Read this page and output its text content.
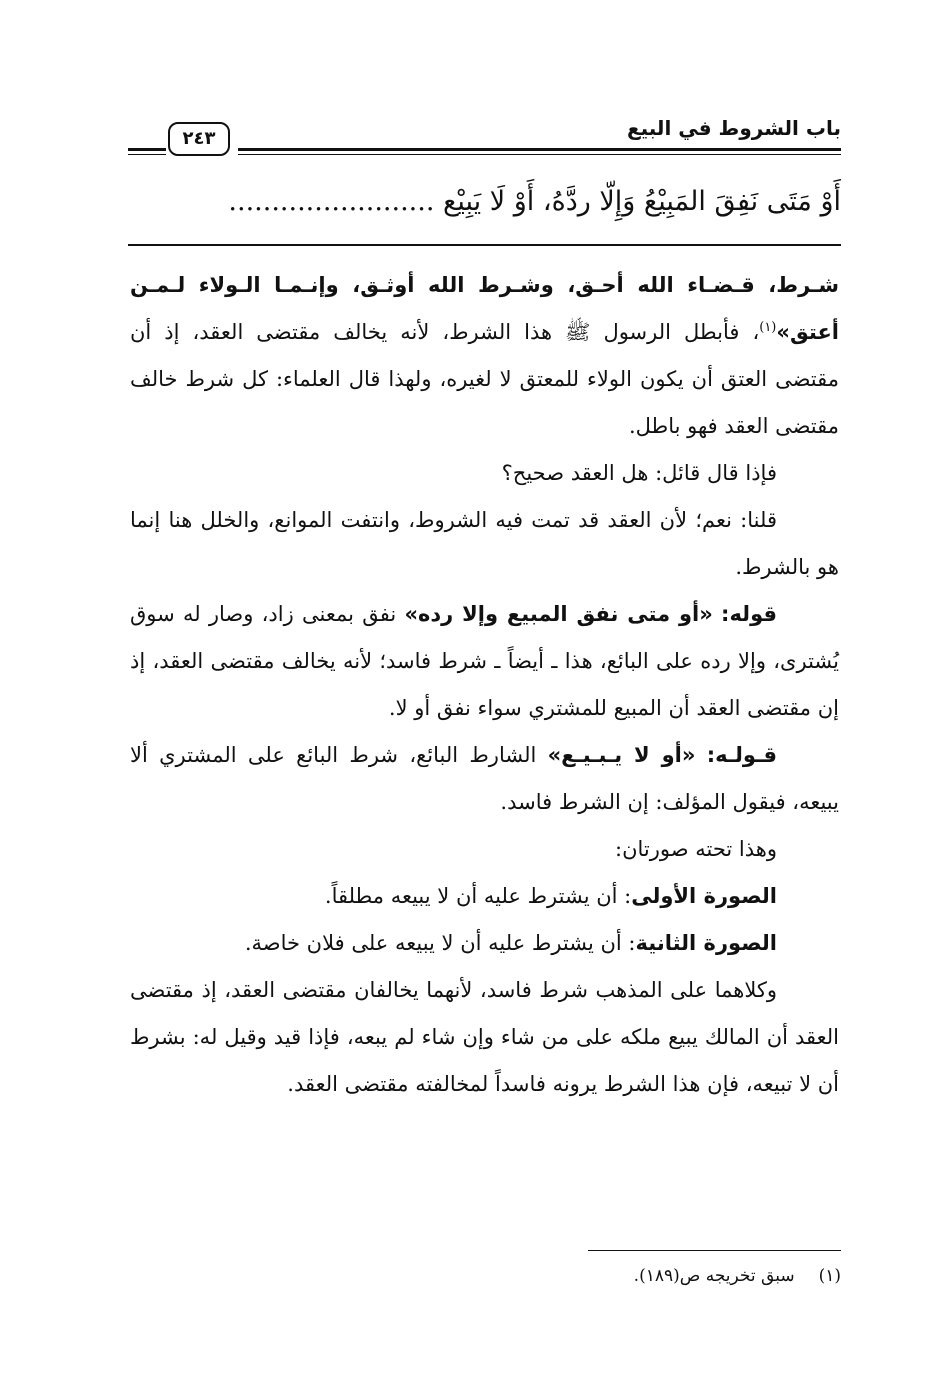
باب الشروط في البيع
٢٤٣
أَوْ مَتَى نَفِقَ المَبِيْعُ وَإِلّا ردَّهُ، أَوْ لَا يَبِيْع ........................

شـرط، قـضـاء الله أحـق، وشـرط الله أوثـق، وإنـمـا الـولاء لـمـن أعتق»$^{(١)}$، فأبطل الرسول ﷺ هذا الشرط، لأنه يخالف مقتضى العقد، إذ أن مقتضى العتق أن يكون الولاء للمعتق لا لغيره، ولهذا قال العلماء: كل شرط خالف مقتضى العقد فهو باطل.

فإذا قال قائل: هل العقد صحيح؟

قلنا: نعم؛ لأن العقد قد تمت فيه الشروط، وانتفت الموانع، والخلل هنا إنما هو بالشرط.

قوله: «أو متى نفق المبيع وإلا رده» نفق بمعنى زاد، وصار له سوق يُشترى، وإلا رده على البائع، هذا ـ أيضاً ـ شرط فاسد؛ لأنه يخالف مقتضى العقد، إذ إن مقتضى العقد أن المبيع للمشتري سواء نفق أو لا.

قـولـه: «أو لا يـبـيـع» الشارط البائع، شرط البائع على المشتري ألا يبيعه، فيقول المؤلف: إن الشرط فاسد.

وهذا تحته صورتان:

الصورة الأولى: أن يشترط عليه أن لا يبيعه مطلقاً.

الصورة الثانية: أن يشترط عليه أن لا يبيعه على فلان خاصة.

وكلاهما على المذهب شرط فاسد، لأنهما يخالفان مقتضى العقد، إذ مقتضى العقد أن المالك يبيع ملكه على من شاء وإن شاء لم يبعه، فإذا قيد وقيل له: بشرط أن لا تبيعه، فإن هذا الشرط يرونه فاسداً لمخالفته مقتضى العقد.

(١)سبق تخريجه ص(١٨٩).
